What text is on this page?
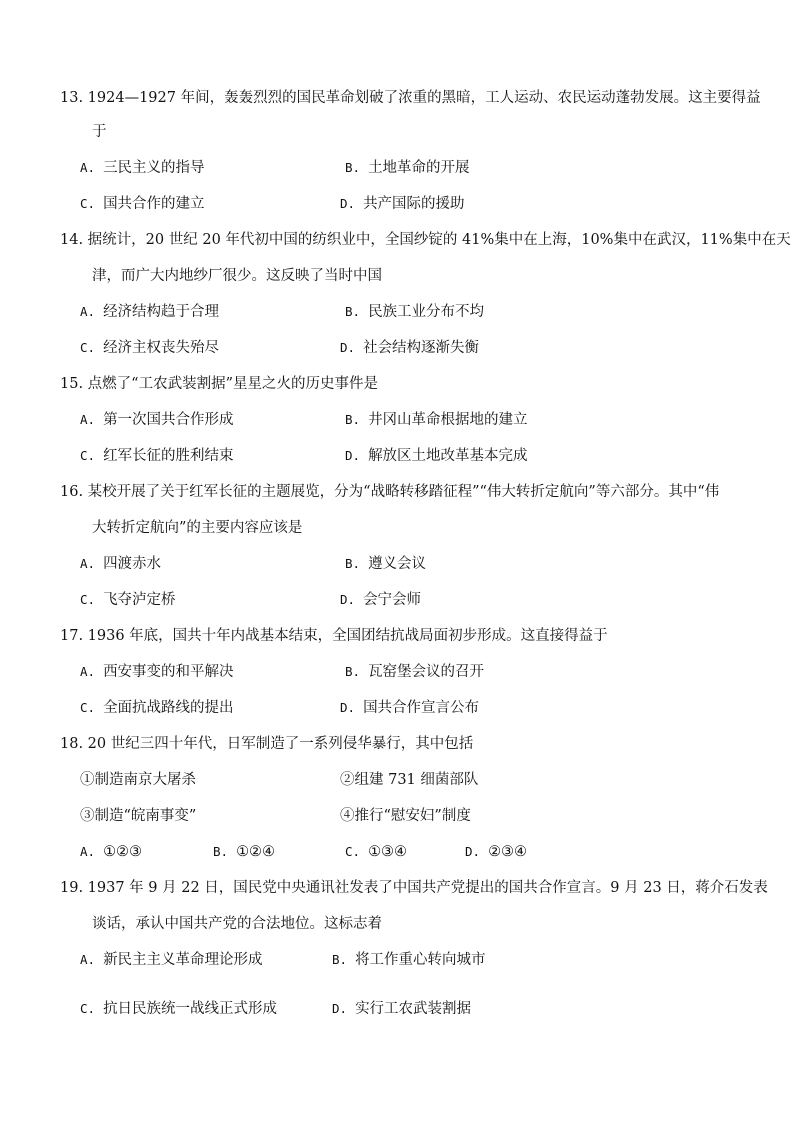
13. 1924—1927 年间，轰轰烈烈的国民革命划破了浓重的黑暗，工人运动、农民运动蓬勃发展。这主要得益
于
A. 三民主义的指导	B. 土地革命的开展
C. 国共合作的建立	D. 共产国际的援助
14. 据统计，20 世纪 20 年代初中国的纺织业中，全国纱锭的 41%集中在上海，10%集中在武汉，11%集中在天
津，而广大内地纱厂很少。这反映了当时中国
A. 经济结构趋于合理	B. 民族工业分布不均
C. 经济主权丧失殆尽	D. 社会结构逐渐失衡
15. 点燃了“工农武装割据”星星之火的历史事件是
A. 第一次国共合作形成	B. 井冈山革命根据地的建立
C. 红军长征的胜利结束	D. 解放区土地改革基本完成
16. 某校开展了关于红军长征的主题展览，分为“战略转移踏征程”“伟大转折定航向”等六部分。其中“伟
大转折定航向”的主要内容应该是
A. 四渡赤水	B. 遵义会议
C. 飞夺泸定桥	D. 会宁会师
17. 1936 年底，国共十年内战基本结束，全国团结抗战局面初步形成。这直接得益于
A. 西安事变的和平解决	B. 瓦窑堡会议的召开
C. 全面抗战路线的提出	D. 国共合作宣言公布
18. 20 世纪三四十年代，日军制造了一系列侵华暴行，其中包括
①制造南京大屠杀	②组建 731 细菌部队
③制造“皖南事变”	④推行“慰安妇”制度
A. ①②③	B. ①②④	C. ①③④	D. ②③④
19. 1937 年 9 月 22 日，国民党中央通讯社发表了中国共产党提出的国共合作宣言。9 月 23 日，蒋介石发表
谈话，承认中国共产党的合法地位。这标志着
A. 新民主主义革命理论形成	B. 将工作重心转向城市
C. 抗日民族统一战线正式形成	D. 实行工农武装割据
